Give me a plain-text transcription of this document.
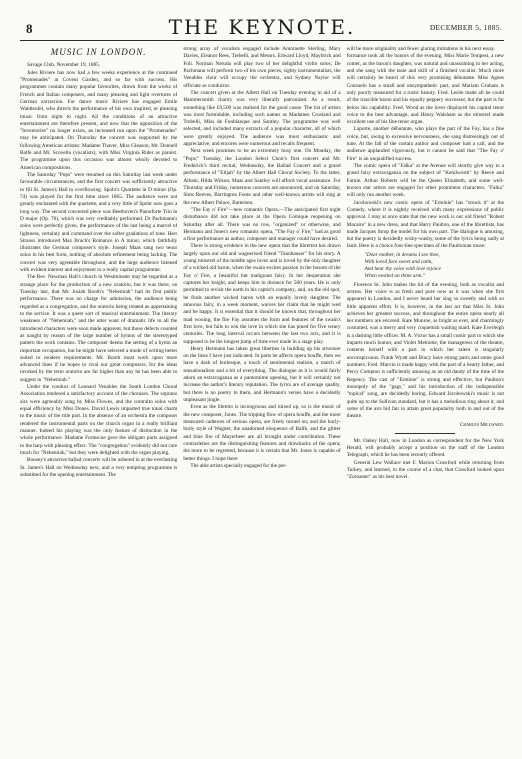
8	THE KEYNOTE.	DECEMBER 5, 1885.
MUSIC IN LONDON.

Savage Club, November 19, 1885.

Jules Riviere has now had a few weeks experience at the continued "Promenades" at Covent Garden, and so far with success. His programmes contain many popular favourites, drawn from the works of French and Italian composers, and many pleasing and light overtures of German extraction. For dance music Riviere has engaged Emile Waldteufel, who directs the performance of his own inspired, or pleasing music from night to night. All the conditions of an attractive entertainment are therefore present, and now that the opposition of the "Inventories" no longer exists, an increased run upon the "Promenades" may be anticipated. On Thursday the concert was supported by the following American artistes: Madame Thaver, Miss Gleason, Mr. Donnell Balfe and Mr. Scovello (vocalists), with Miss Virginia Rider as pianist. The programme upon this occasion was almost wholly devoted to American compositions.

The Saturday "Pops" were resumed on this Saturday last week under favourable circumstances, and the first concert was sufficiently attractive to fill St. James's Hall to overflowing. Spohr's Quartette in D minor (Op. 74) was played for the first time since 1865. The audience were not greatly enchanted with the quartette, and a very little of Spohr now goes a long way. The second concerted piece was Beethoven's Pianoforte Trio in D major (Op. 70), which was very creditably performed. Dr Pachmann's solos were perfectly given, the performance of the last being a marvel of lightness, certainty and command over the softer gradations of tone. Herr Strauss introduced Max Bruch's Romance in A minor, which faithfully illustrates the German composer's style. Joseph Maas sang two tenor solos in his best form, nothing of absolute refinement being lacking. The concert was very agreeable throughout, and the large audience listened with evident interest and enjoyment to a really capital programme.

The Rev. Newman Hall's church in Westminster may be regarded as a strange place for the production of a new oratorio, but it was there, on Tuesday last, that Mr. Josiah Booth's "Nehemiah" had its first public performance. There was no charge for admission, the audience being regarded as a congregation, and the oratorio being treated as appertaining to the service. It was a queer sort of musical entertainment. The literary weakness of "Nehemiah," and the utter want of dramatic life in all the introduced characters were soon made apparent, but those defects counted as naught by reason of the large number of hymns of the stereotyped pattern the work contains. The composer deems the setting of a hymn an important occupation, but he might have selected a mode of writing better suited to modern requirements. Mr. Booth must work upon more advanced lines if he hopes to rival our great composers, for the ideas invoked by the term oratorio are far higher than any he has been able to suggest in "Nehemiah."

Under the conduct of Leonard Venables the South London Choral Association rendered a satisfactory account of the choruses. The soprano airs were agreeably sung by Miss Flowes, and the contralto solos with equal efficiency by Miss Dones. David Lewis imparted true tonal charm to the music of the title part. In the absence of an orchestra the composer rendered the instrumental parts on the church organ in a really brilliant manner. Indeed his playing was the only feature of distinction in the whole performance. Madame Fortescue gave the obligato parts assigned to the harp with pleasing effect. The "congregation" evidently did not care much for "Nehemiah," but they were delighted with the organ playing.

Boosey's attractive ballad concerts will be ushered in at the everlasting St. James's Hall on Wednesday next, and a very tempting programme is submitted for the opening entertainment. The

strong array of vocalists engaged include Antoinette Sterling, Mary Davies, Eleanor Rees, Trebelli, and Messrs. Edward Lloyd, Maybrick and Foli. Norman Neruda will play two of her delightful violin solos; De Pachmann will perform two of his own pieces, sighty instrumentalists, the Venables choir will occupy the orchestra, and Sydney Naylor will officiate as conductor.

The concert given at the Albert Hall on Tuesday evening in aid of a Hammersmith charity was very liberally patronized. As a result, something like £9,500 was realised for the good cause. The list of artists was most formidable, including such names as Madames Crosland and Trebelli, Miss de Fonblanque and Santley. The programme was well selected, and included many extracts of a popular character, all of which were greatly enjoyed. The audience was most enthusiastic and appreciative, and encores were numerous and recalls frequent.

Next week promises to be an extremely busy one. On Monday, the "Pops;" Tuesday, the London Select Choir's first concert and Mr. Frederick's third recital; Wednesday, the Ballad Concert and a grand performance of "Elijah" by the Albert Hall Choral Society. To the latter, Albani, Hilda Wilson, Maas and Santley will afford vocal assistance. For Thursday and Friday, numerous concerts are announced, and on Saturday, Sims Reeves, Barrington Foote and other well-known artists will sing at the new Albert Palace, Battersea.

"The Fay o' Fire"—new romantic Opera.—The anticipated first night disturbance did not take place at the Opera Comique reopening on Saturday after all. There was no row, "organized" or otherwise, and Hermann and Jones's new romantic opera, "The Fay o' Fire," had as good a first performance as author, composer and manager could have desired.

There is strong evidence in the new opera that the librettist has drawn largely upon our old and wagnerised friend "Tannhauser" for his story. A young minstrel of the middle ages loves and is loved by the only daughter of a wicked old baron, when the swain excites passion in the bosom of the Fay o' Fire, a beautiful but malignant fairy. In her desperation she captures her knight, and keeps him in durance for 500 years. He is only permitted to revisit the earth in his captor's company, and, on the old spot, he finds another wicked baron with an equally lovely daughter. The amorous fairy, in a week moment, waives her claim that he might wed and be happy. It is essential that it should be known that, throughout her mad wooing, the fire Fay assumes the form and features of the swain's first love, but fails to win the love in which she has pined for five weary centuries. The long interval occurs between the last two acts, and it is supposed to be the longest jump of time ever made in a stage play.

Henry Hermann has taken great liberties in building up his structure on the lines I have just indicated. In parts he affects opera bouffe, then we have a dash of burlesque, a touch of sentimental realism, a match of sensationalism and a bit of everything. The dialogue as it is would fairly adorn an extravaganza as a pantomime opening, but it will certainly not increase the author's literary reputation. The lyrics are of average quality, but there is no poetry in them, and Hermann's verses have a decidedly unpleasant jingle.

Even as the libretto is incongruous and mixed up, so is the music of the new composer, Jones. The tripping flow of opera bouffe, and the more measured cadences of serious opera, are freely turned on; and the hurly-burly style of Wagner, the unadorned eloquence of Balfe, and the glitter and blue fire of Mayerbeer are all brought under contribution. These contrarieties are the distinguishing features and drawbacks of the opera; the more to be regretted, because it is certain that Mr. Jones is capable of better things. I hope there

The able artists specially engaged for the per-

will be more originality and fewer glaring imitations in his next essay.

formance took all the honors of the evening. Miss Marie Tempest, a new comer, as the baron's daughter, was natural and unassuming in her acting, and she sang with the taste and skill of a finished vocalist. Much more will certainly be heard of this very promising débutante. Miss Agnes Consuelo has a small and unsympathetic part, and Mariam Graham is only poorly measured for a rustic beauty. Fred. Leslie made all he could of the irascible baron and his equally peppery successor, but the part is far below his capability. Fred. Wood as the lover displayed his capital tenor voice to the best advantage, and Henry Walsham as the minstrel made excellent use of his fine tenor organ.

Laporte, another débutante, who plays the part of the Fay, has a fine voice, but, owing to excessive nervousness, she sang distressingly out of tune. At the fall of the curtain author and composer had a call, and the audience applauded vigorously, but it cannot be said that "The Fay o' Fire" is an unqualified success.

The comic opera of "Falka" at the Avenue will shortly give way to a grand fairy extravaganza on the subject of "Kenilworth" by Reece and Farnie. Arthur Roberts will be the Queen Elizabeth, and some well-known star artists are engaged for other prominent characters. "Falka" will only run another week.

Jacobowski's new comic opera of "Erminie" has "struck it" at the Comedy, where it is nightly received with many expressions of public approval. I may at once state that the new work is our old friend "Robert Macaire" in a new dress, and that Harry Paulton, one of the librettists, has made Jacques Strop the model for his own part. The dialogue is amusing, but the poetry is decidedly wishy-washy, some of the lyrics being sadly at fault. Here is a choice four-line specimen of the Paultonian muse:

"Dear mother, in dreams I see thee,
With loved face sweet and calm,
And hear thy voice with love rejoice
When nestled on thine arm."

Florence St. John makes the hit of the evening, both as vocalist and actress. Her voice is as fresh and pure now as it was when she first appeared in London, and I never heard her sing so sweetly and with so little apparent effort. It is, however, in the last act that Miss St. John achieves her greatest success, and throughout the entire opera nearly all her numbers are encored. Kate Munroe, as bright as ever, and charmingly costumed, was a merry and very coquettish waiting maid. Kate Everleigh is a dashing little officer. M. A. Victor has a small comic part to which she imparts much humor, and Violet Melnotte, the manageress of the theatre, contents herself with a part in which her talent is singularly unconspicuous. Frank Wyatt and Bracy have strong parts and some good numbers. Fred. Marvin is made happy with the part of a hearty father, and Percy Compton is sufficiently amusing as an old dandy of the time of the Regency. The cast of "Erminie" is strong and effective, but Paulton's monopoly of the "gags," and his introduction of the indispensible "topical" song, are decidedly boring. Edward Jacobowski's music is not quite up to the Sullivan standard, but it has a melodious ring about it, and some of the airs bid fair to attain great popularity both in and out of the theatre.

Charles Millward.

Mr. Oakey Hall, now in London as correspondent for the New York Herald, will probably accept a position on the staff of the London Telegraph, which he has been recently offered.

General Lew Wallace met F. Marion Crawford while returning from Turkey, and learned, in the course of a chat, that Crawford looked upon "Zoroaster" as his best novel.
